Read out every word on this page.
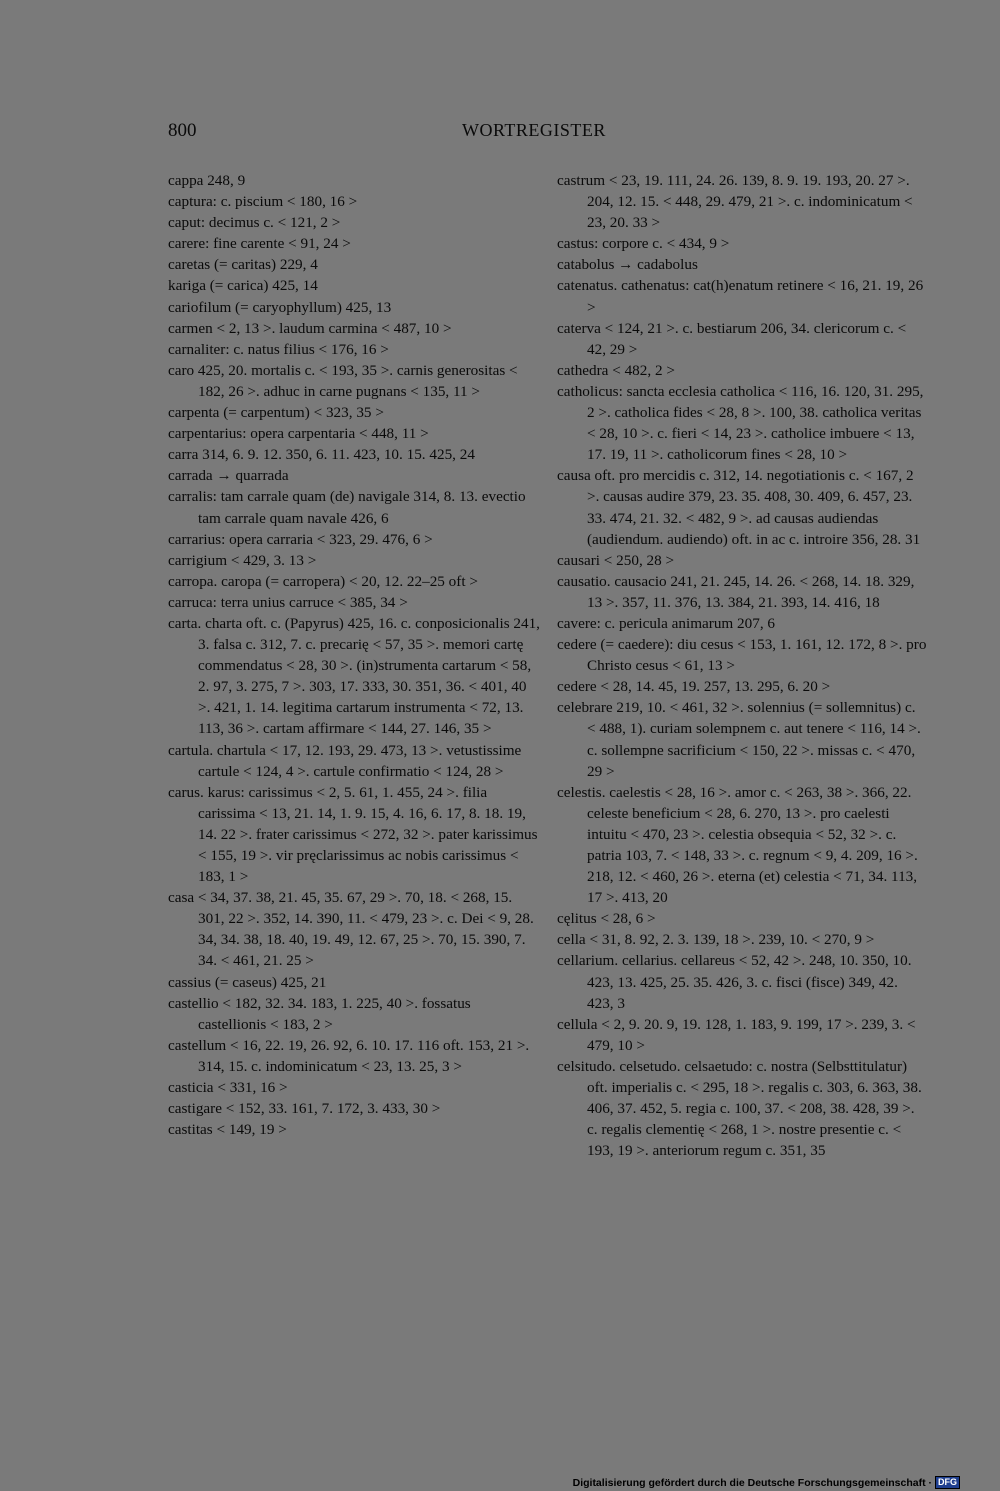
800	WORTREGISTER

cappa 248, 9

captura: c. piscium < 180, 16 >

caput: decimus c. < 121, 2 >

carere: fine carente < 91, 24 >

caretas (= caritas) 229, 4

kariga (= carica) 425, 14

cariofilum (= caryophyllum) 425, 13

carmen < 2, 13 >. laudum carmina < 487, 10 >

carnaliter: c. natus filius < 176, 16 >

caro 425, 20. mortalis c. < 193, 35 >. carnis generositas < 182, 26 >. adhuc in carne pugnans < 135, 11 >

carpenta (= carpentum) < 323, 35 >

carpentarius: opera carpentaria < 448, 11 >

carra 314, 6. 9. 12. 350, 6. 11. 423, 10. 15. 425, 24

carrada → quarrada

carralis: tam carrale quam (de) navigale 314, 8. 13. evectio tam carrale quam navale 426, 6

carrarius: opera carraria < 323, 29. 476, 6 >

carrigium < 429, 3. 13 >

carropa. caropa (= carropera) < 20, 12. 22–25 oft >

carruca: terra unius carruce < 385, 34 >

carta. charta oft. c. (Papyrus) 425, 16. c. conposicionalis 241, 3. falsa c. 312, 7. c. precarię < 57, 35 >. memori cartę commendatus < 28, 30 >. (in)strumenta cartarum < 58, 2. 97, 3. 275, 7 >. 303, 17. 333, 30. 351, 36. < 401, 40 >. 421, 1. 14. legitima cartarum instrumenta < 72, 13. 113, 36 >. cartam affirmare < 144, 27. 146, 35 >

cartula. chartula < 17, 12. 193, 29. 473, 13 >. vetustissime cartule < 124, 4 >. cartule confirmatio < 124, 28 >

carus. karus: carissimus < 2, 5. 61, 1. 455, 24 >. filia carissima < 13, 21. 14, 1. 9. 15, 4. 16, 6. 17, 8. 18. 19, 14. 22 >. frater carissimus < 272, 32 >. pater karissimus < 155, 19 >. vir pręclarissimus ac nobis carissimus < 183, 1 >

casa < 34, 37. 38, 21. 45, 35. 67, 29 >. 70, 18. < 268, 15. 301, 22 >. 352, 14. 390, 11. < 479, 23 >. c. Dei < 9, 28. 34, 34. 38, 18. 40, 19. 49, 12. 67, 25 >. 70, 15. 390, 7. 34. < 461, 21. 25 >

cassius (= caseus) 425, 21

castellio < 182, 32. 34. 183, 1. 225, 40 >. fossatus castellionis < 183, 2 >

castellum < 16, 22. 19, 26. 92, 6. 10. 17. 116 oft. 153, 21 >. 314, 15. c. indominicatum < 23, 13. 25, 3 >

casticia < 331, 16 >

castigare < 152, 33. 161, 7. 172, 3. 433, 30 >

castitas < 149, 19 >

castrum < 23, 19. 111, 24. 26. 139, 8. 9. 19. 193, 20. 27 >. 204, 12. 15. < 448, 29. 479, 21 >. c. indominicatum < 23, 20. 33 >

castus: corpore c. < 434, 9 >

catabolus → cadabolus

catenatus. cathenatus: cat(h)enatum retinere < 16, 21. 19, 26 >

caterva < 124, 21 >. c. bestiarum 206, 34. clericorum c. < 42, 29 >

cathedra < 482, 2 >

catholicus: sancta ecclesia catholica < 116, 16. 120, 31. 295, 2 >. catholica fides < 28, 8 >. 100, 38. catholica veritas < 28, 10 >. c. fieri < 14, 23 >. catholice imbuere < 13, 17. 19, 11 >. catholicorum fines < 28, 10 >

causa oft. pro mercidis c. 312, 14. negotiationis c. < 167, 2 >. causas audire 379, 23. 35. 408, 30. 409, 6. 457, 23. 33. 474, 21. 32. < 482, 9 >. ad causas audiendas (audiendum. audiendo) oft. in ac c. introire 356, 28. 31

causari < 250, 28 >

causatio. causacio 241, 21. 245, 14. 26. < 268, 14. 18. 329, 13 >. 357, 11. 376, 13. 384, 21. 393, 14. 416, 18

cavere: c. pericula animarum 207, 6

cedere (= caedere): diu cesus < 153, 1. 161, 12. 172, 8 >. pro Christo cesus < 61, 13 >

cedere < 28, 14. 45, 19. 257, 13. 295, 6. 20 >

celebrare 219, 10. < 461, 32 >. solennius (= sollemnitus) c. < 488, 1). curiam solempnem c. aut tenere < 116, 14 >. c. sollempne sacrificium < 150, 22 >. missas c. < 470, 29 >

celestis. caelestis < 28, 16 >. amor c. < 263, 38 >. 366, 22. celeste beneficium < 28, 6. 270, 13 >. pro caelesti intuitu < 470, 23 >. celestia obsequia < 52, 32 >. c. patria 103, 7. < 148, 33 >. c. regnum < 9, 4. 209, 16 >. 218, 12. < 460, 26 >. eterna (et) celestia < 71, 34. 113, 17 >. 413, 20

cęlitus < 28, 6 >

cella < 31, 8. 92, 2. 3. 139, 18 >. 239, 10. < 270, 9 >

cellarium. cellarius. cellareus < 52, 42 >. 248, 10. 350, 10. 423, 13. 425, 25. 35. 426, 3. c. fisci (fisce) 349, 42. 423, 3

cellula < 2, 9. 20. 9, 19. 128, 1. 183, 9. 199, 17 >. 239, 3. < 479, 10 >

celsitudo. celsetudo. celsaetudo: c. nostra (Selbsttitulatur) oft. imperialis c. < 295, 18 >. regalis c. 303, 6. 363, 38. 406, 37. 452, 5. regia c. 100, 37. < 208, 38. 428, 39 >. c. regalis clementię < 268, 1 >. nostre presentie c. < 193, 19 >. anteriorum regum c. 351, 35

Digitalisierung gefördert durch die Deutsche Forschungsgemeinschaft · DFG
